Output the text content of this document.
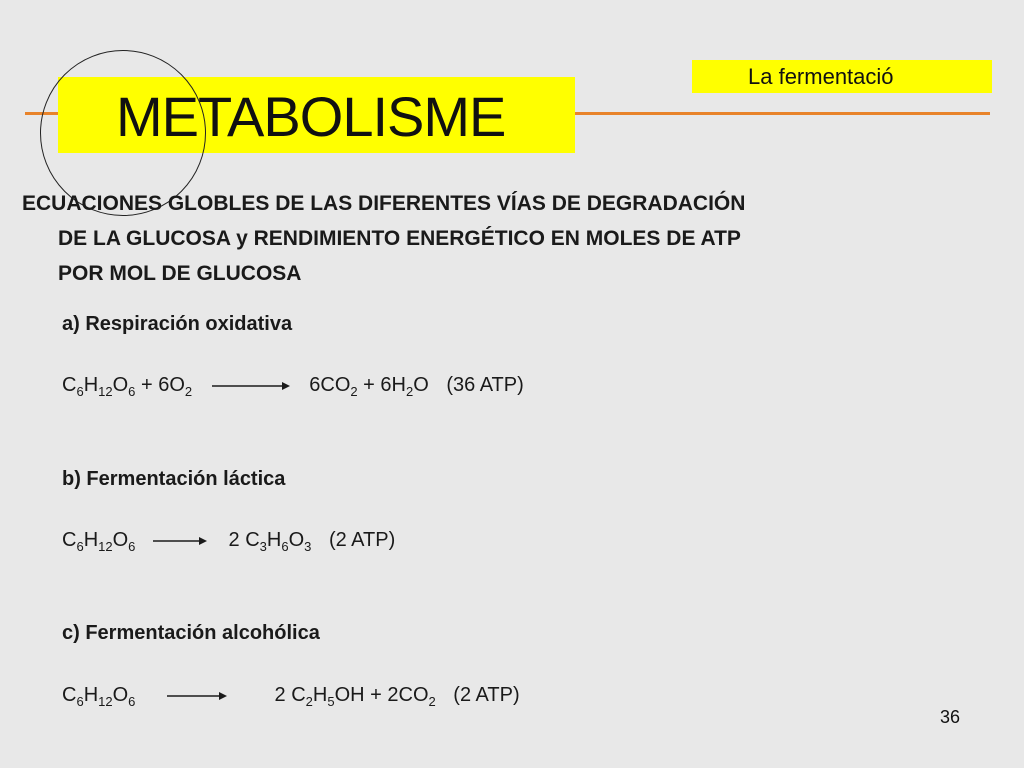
METABOLISME
La fermentació
ECUACIONES GLOBLES DE LAS DIFERENTES VÍAS DE DEGRADACIÓN
DE LA GLUCOSA y RENDIMIENTO ENERGÉTICO EN MOLES DE ATP
POR MOL DE GLUCOSA
a) Respiración oxidativa
$C_6H_{12}O_6 + 6O_2 \to 6CO_2 + 6H_2O$ (36 ATP)
b) Fermentación láctica
$C_6H_{12}O_6 \to 2$ $C_3H_6O_3$ (2 ATP)
c) Fermentación alcohólica
$C_6H_{12}O_6$	2 $C_2H_5OH + 2CO_2$ (2 ATP)
36
